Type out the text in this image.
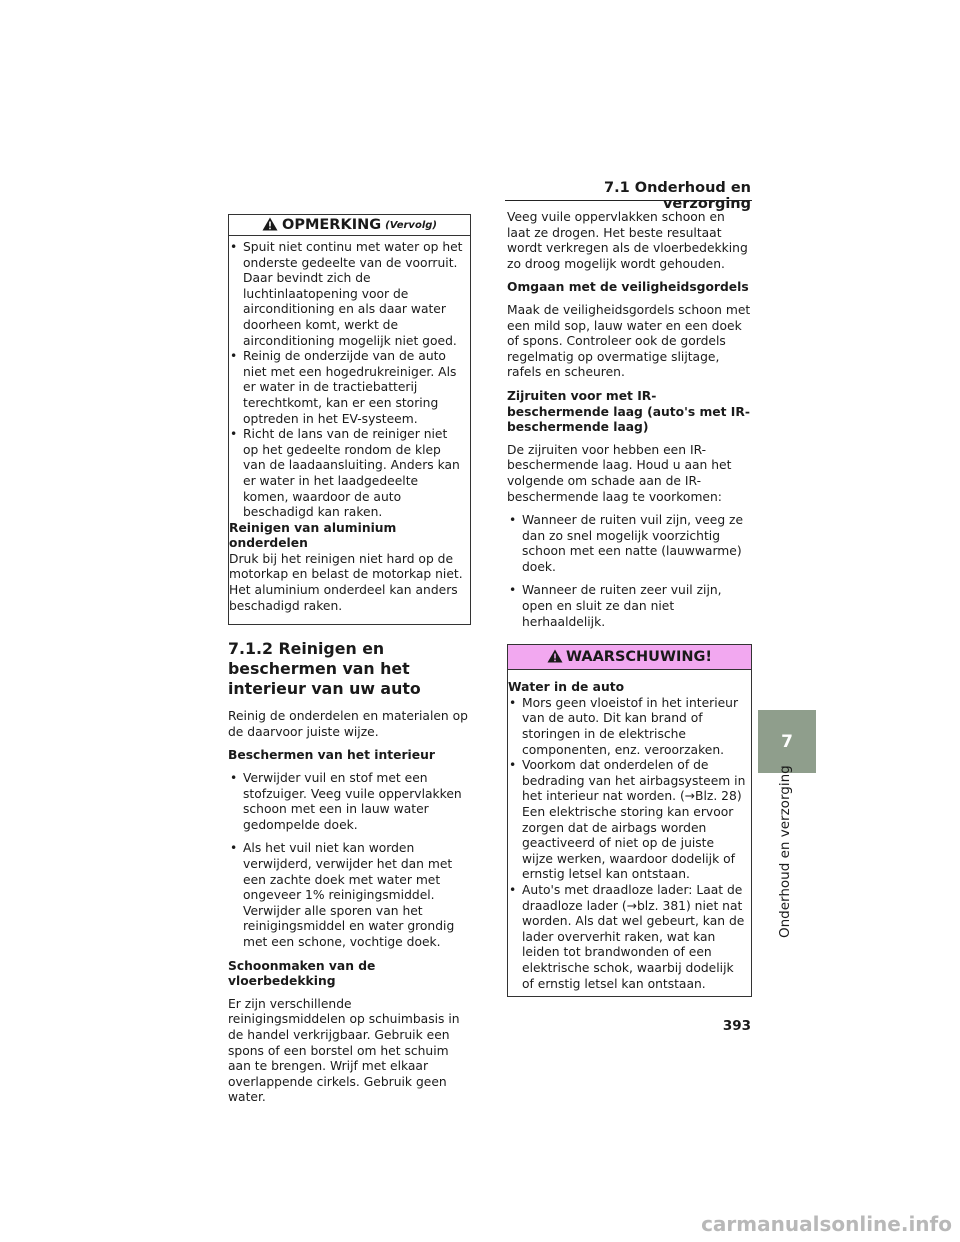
7.1 Onderhoud en verzorging
OPMERKING (Vervolg)
• Spuit niet continu met water op het onderste gedeelte van de voorruit. Daar bevindt zich de luchtinlaatopening voor de airconditioning en als daar water doorheen komt, werkt de airconditioning mogelijk niet goed.
• Reinig de onderzijde van de auto niet met een hogedrukreiniger. Als er water in de tractiebatterij terechtkomt, kan er een storing optreden in het EV-systeem.
• Richt de lans van de reiniger niet op het gedeelte rondom de klep van de laadaansluiting. Anders kan er water in het laadgedeelte komen, waardoor de auto beschadigd kan raken.

Reinigen van aluminium onderdelen

Druk bij het reinigen niet hard op de motorkap en belast de motorkap niet. Het aluminium onderdeel kan anders beschadigd raken.

7.1.2 Reinigen en beschermen van het interieur van uw auto

Reinig de onderdelen en materialen op de daarvoor juiste wijze.

Beschermen van het interieur

• Verwijder vuil en stof met een stofzuiger. Veeg vuile oppervlakken schoon met een in lauw water gedompelde doek.
• Als het vuil niet kan worden verwijderd, verwijder het dan met een zachte doek met water met ongeveer 1% reinigingsmiddel. Verwijder alle sporen van het reinigingsmiddel en water grondig met een schone, vochtige doek.

Schoonmaken van de vloerbedekking

Er zijn verschillende reinigingsmiddelen op schuimbasis in de handel verkrijgbaar. Gebruik een spons of een borstel om het schuim aan te brengen. Wrijf met elkaar overlappende cirkels. Gebruik geen water.

Veeg vuile oppervlakken schoon en laat ze drogen. Het beste resultaat wordt verkregen als de vloerbedekking zo droog mogelijk wordt gehouden.

Omgaan met de veiligheidsgordels

Maak de veiligheidsgordels schoon met een mild sop, lauw water en een doek of spons. Controleer ook de gordels regelmatig op overmatige slijtage, rafels en scheuren.

Zijruiten voor met IR-beschermende laag (auto's met IR-beschermende laag)

De zijruiten voor hebben een IR-beschermende laag. Houd u aan het volgende om schade aan de IR-beschermende laag te voorkomen:

• Wanneer de ruiten vuil zijn, veeg ze dan zo snel mogelijk voorzichtig schoon met een natte (lauwwarme) doek.
• Wanneer de ruiten zeer vuil zijn, open en sluit ze dan niet herhaaldelijk.
WAARSCHUWING!

Water in de auto

• Mors geen vloeistof in het interieur van de auto. Dit kan brand of storingen in de elektrische componenten, enz. veroorzaken.
• Voorkom dat onderdelen of de bedrading van het airbagsysteem in het interieur nat worden. (→Blz. 28) Een elektrische storing kan ervoor zorgen dat de airbags worden geactiveerd of niet op de juiste wijze werken, waardoor dodelijk of ernstig letsel kan ontstaan.
• Auto's met draadloze lader: Laat de draadloze lader (→blz. 381) niet nat worden. Als dat wel gebeurt, kan de lader oververhit raken, wat kan leiden tot brandwonden of een elektrische schok, waarbij dodelijk of ernstig letsel kan ontstaan.
7
Onderhoud en verzorging
393
carmanualsonline.info
